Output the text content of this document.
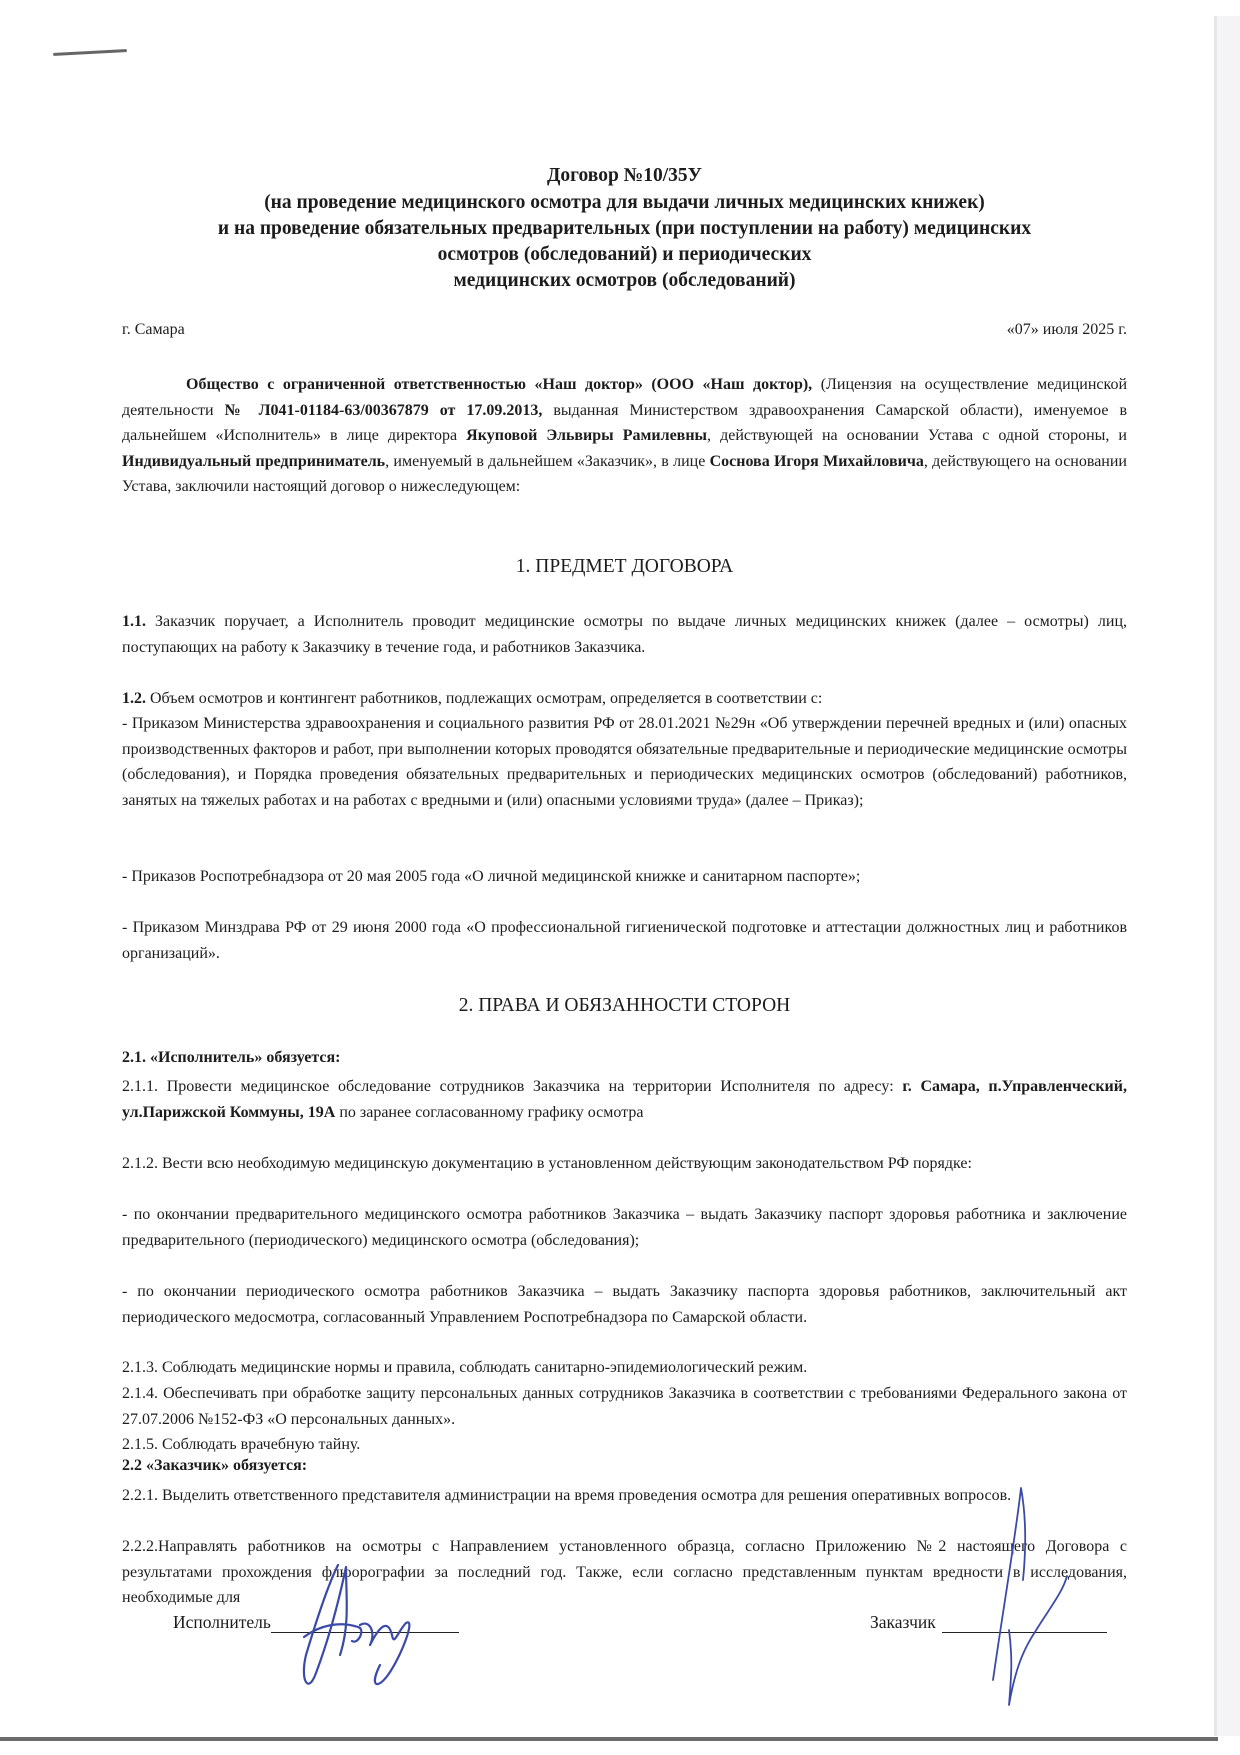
Договор №10/35У
(на проведение медицинского осмотра для выдачи личных медицинских книжек)
и на проведение обязательных предварительных (при поступлении на работу) медицинских
осмотров (обследований) и периодических
медицинских осмотров (обследований)
г. Самара	«07» июля 2025 г.
Общество с ограниченной ответственностью «Наш доктор» (ООО «Наш доктор), (Лицензия на осуществление медицинской деятельности № Л041-01184-63/00367879 от 17.09.2013, выданная Министерством здравоохранения Самарской области), именуемое в дальнейшем «Исполнитель» в лице директора Якуповой Эльвиры Рамилевны, действующей на основании Устава с одной стороны, и Индивидуальный предприниматель, именуемый в дальнейшем «Заказчик», в лице Соснова Игоря Михайловича, действующего на основании Устава, заключили настоящий договор о нижеследующем:
1. ПРЕДМЕТ ДОГОВОРА
1.1. Заказчик поручает, а Исполнитель проводит медицинские осмотры по выдаче личных медицинских книжек (далее – осмотры) лиц, поступающих на работу к Заказчику в течение года, и работников Заказчика.
1.2. Объем осмотров и контингент работников, подлежащих осмотрам, определяется в соответствии с:
- Приказом Министерства здравоохранения и социального развития РФ от 28.01.2021 №29н «Об утверждении перечней вредных и (или) опасных производственных факторов и работ, при выполнении которых проводятся обязательные предварительные и периодические медицинские осмотры (обследования), и Порядка проведения обязательных предварительных и периодических медицинских осмотров (обследований) работников, занятых на тяжелых работах и на работах с вредными и (или) опасными условиями труда» (далее – Приказ);
- Приказов Роспотребнадзора от 20 мая 2005 года «О личной медицинской книжке и санитарном паспорте»;
- Приказом Минздрава РФ от 29 июня 2000 года «О профессиональной гигиенической подготовке и аттестации должностных лиц и работников организаций».
2. ПРАВА И ОБЯЗАННОСТИ СТОРОН
2.1. «Исполнитель» обязуется:
2.1.1. Провести медицинское обследование сотрудников Заказчика на территории Исполнителя по адресу: г. Самара, п.Управленческий, ул.Парижской Коммуны, 19А по заранее согласованному графику осмотра
2.1.2. Вести всю необходимую медицинскую документацию в установленном действующим законодательством РФ порядке:
- по окончании предварительного медицинского осмотра работников Заказчика – выдать Заказчику паспорт здоровья работника и заключение предварительного (периодического) медицинского осмотра (обследования);
- по окончании периодического осмотра работников Заказчика – выдать Заказчику паспорта здоровья работников, заключительный акт периодического медосмотра, согласованный Управлением Роспотребнадзора по Самарской области.
2.1.3. Соблюдать медицинские нормы и правила, соблюдать санитарно-эпидемиологический режим.
2.1.4. Обеспечивать при обработке защиту персональных данных сотрудников Заказчика в соответствии с требованиями Федерального закона от 27.07.2006 №152-ФЗ «О персональных данных».
2.1.5. Соблюдать врачебную тайну.
2.2 «Заказчик» обязуется:
2.2.1. Выделить ответственного представителя администрации на время проведения осмотра для решения оперативных вопросов.
2.2.2.Направлять работников на осмотры с Направлением установленного образца, согласно Приложению №2 настоящего Договора с результатами прохождения флюорографии за последний год. Также, если согласно представленным пунктам вредности в исследования, необходимые для
Исполнитель	Заказчик
